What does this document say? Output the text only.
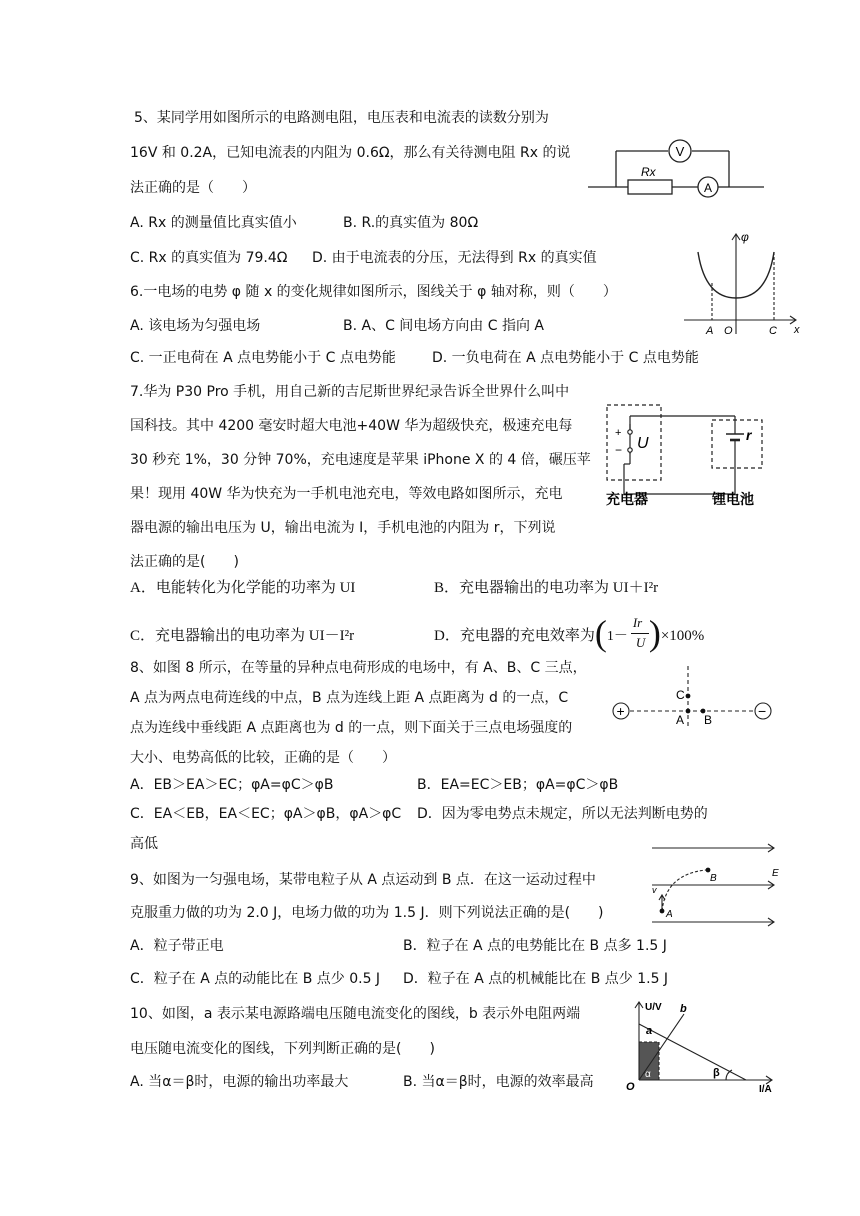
5、某同学用如图所示的电路测电阻，电压表和电流表的读数分别为
16V 和 0.2A，已知电流表的内阻为 0.6Ω，那么有关待测电阻 Rx 的说
法正确的是（　　）
A. Rx 的测量值比真实值小	B. R.的真实值为 80Ω
C. Rx 的真实值为 79.4Ω D. 由于电流表的分压，无法得到 Rx 的真实值
V
Rx
A
6.一电场的电势 φ 随 x 的变化规律如图所示，图线关于 φ 轴对称，则（　　）
A. 该电场为匀强电场	B. A、C 间电场方向由 C 指向 A
C. 一正电荷在 A 点电势能小于 C 点电势能	D. 一负电荷在 A 点电势能小于 C 点电势能
φ
x
A O	C
7.华为 P30 Pro 手机，用自己新的吉尼斯世界纪录告诉全世界什么叫中
国科技。其中 4200 毫安时超大电池+40W 华为超级快充，极速充电每
30 秒充 1%，30 分钟 70%，充电速度是苹果 iPhone X 的 4 倍，碾压苹
果！现用 40W 华为快充为一手机电池充电，等效电路如图所示，充电
器电源的输出电压为 U，输出电流为 I，手机电池的内阻为 r，下列说
法正确的是(　　)
A．电能转化为化学能的功率为 UI	B．充电器输出的电功率为 UI＋I²r
C．充电器输出的电功率为 UI－I²r	D．充电器的充电效率为 ( 1－
Ir
U ) ×100%
+
− U	r
充电器	锂电池
8、如图 8 所示，在等量的异种点电荷形成的电场中，有 A、B、C 三点，
A 点为两点电荷连线的中点，B 点为连线上距 A 点距离为 d 的一点，C
点为连线中垂线距 A 点距离也为 d 的一点，则下面关于三点电场强度的
大小、电势高低的比较，正确的是（　　）
A．EB＞EA＞EC；φA=φC＞φB	B．EA=EC＞EB；φA=φC＞φB
C．EA＜EB，EA＜EC；φA＞φB，φA＞φC D．因为零电势点未规定，所以无法判断电势的
高低
+	−
C
A B
9、如图为一匀强电场，某带电粒子从 A 点运动到 B 点．在这一运动过程中
克服重力做的功为 2.0 J，电场力做的功为 1.5 J．则下列说法正确的是(　　)
A．粒子带正电	B．粒子在 A 点的电势能比在 B 点多 1.5 J
C．粒子在 A 点的动能比在 B 点少 0.5 J D．粒子在 A 点的机械能比在 B 点少 1.5 J
E
v
A
B
10、如图，a 表示某电源路端电压随电流变化的图线，b 表示外电阻两端
电压随电流变化的图线，下列判断正确的是(　　)
A. 当α＝β时，电源的输出功率最大	B. 当α＝β时，电源的效率最高
U/V
I/A
a
b
O
α	β
